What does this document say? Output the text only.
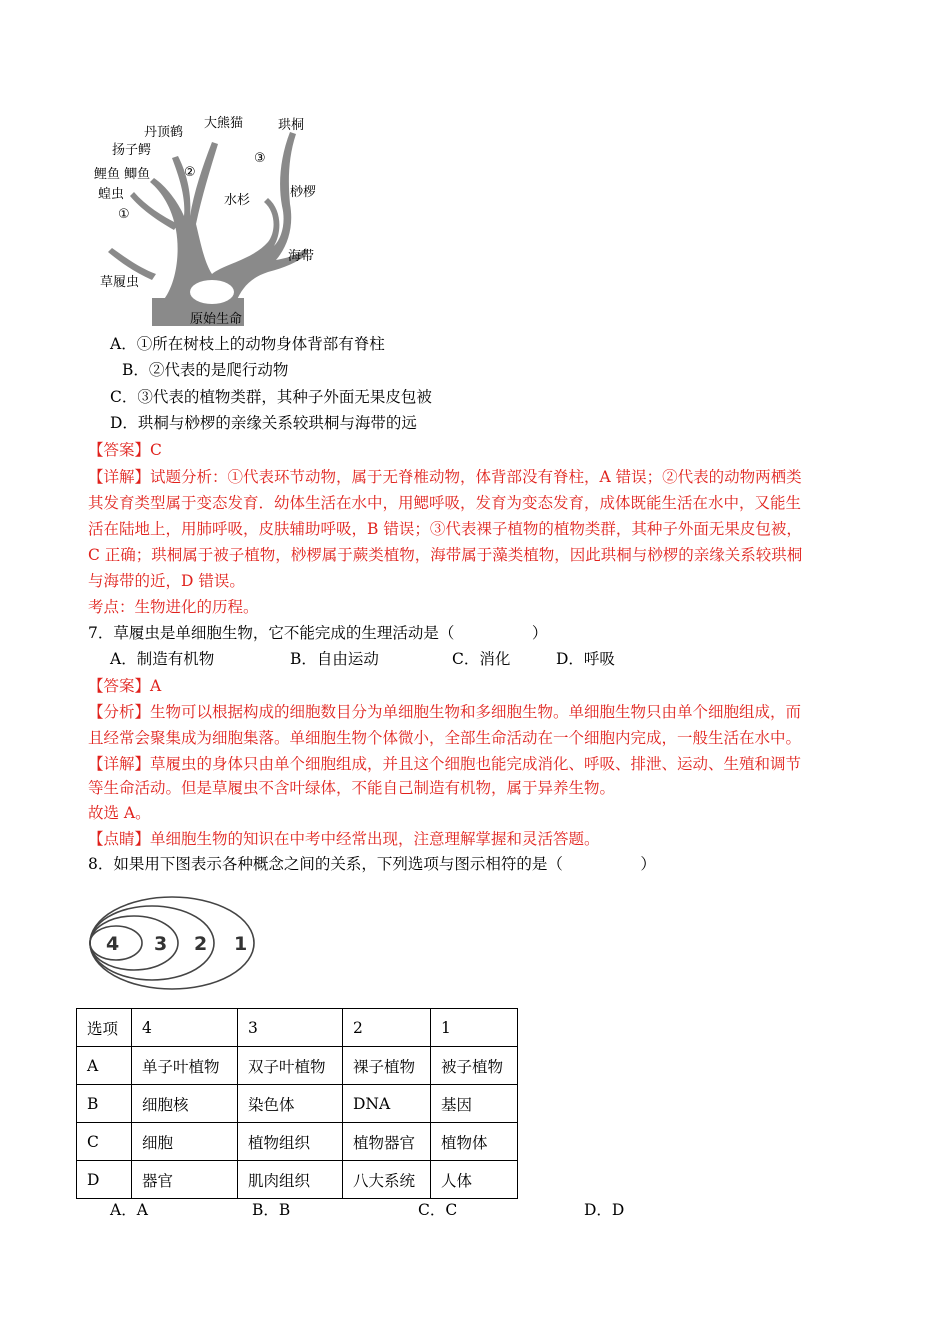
丹顶鹤
大熊猫	珙桐
扬子鳄
②
③
鲤鱼 鲫鱼
蝗虫
①
水杉
桫椤
海带
草履虫
原始生命
A．①所在树枝上的动物身体背部有脊柱
B．②代表的是爬行动物
C．③代表的植物类群，其种子外面无果皮包被
D．珙桐与桫椤的亲缘关系较珙桐与海带的远
【答案】C
【详解】试题分析：①代表环节动物，属于无脊椎动物，体背部没有脊柱，A 错误；②代表的动物两栖类
其发育类型属于变态发育．幼体生活在水中，用鳃呼吸，发育为变态发育，成体既能生活在水中，又能生
活在陆地上，用肺呼吸，皮肤辅助呼吸，B 错误；③代表裸子植物的植物类群，其种子外面无果皮包被，
C 正确；珙桐属于被子植物，桫椤属于蕨类植物，海带属于藻类植物，因此珙桐与桫椤的亲缘关系较珙桐
与海带的近，D 错误。
考点：生物进化的历程。
7．草履虫是单细胞生物，它不能完成的生理活动是（　　　　　）
A．制造有机物	B．自由运动	C．消化	D．呼吸
【答案】A
【分析】生物可以根据构成的细胞数目分为单细胞生物和多细胞生物。单细胞生物只由单个细胞组成，而
且经常会聚集成为细胞集落。单细胞生物个体微小，全部生命活动在一个细胞内完成，一般生活在水中。
【详解】草履虫的身体只由单个细胞组成，并且这个细胞也能完成消化、呼吸、排泄、运动、生殖和调节
等生命活动。但是草履虫不含叶绿体，不能自己制造有机物，属于异养生物。
故选 A。
【点睛】单细胞生物的知识在中考中经常出现，注意理解掌握和灵活答题。
8．如果用下图表示各种概念之间的关系，下列选项与图示相符的是（　　　　　）
4 3 2 1
选项	4	3	2	1
A	单子叶植物	双子叶植物	裸子植物	被子植物
B	细胞核	染色体	DNA	基因
C	细胞	植物组织	植物器官	植物体
D	器官	肌肉组织	八大系统	人体
A．A	B．B	C．C	D．D
